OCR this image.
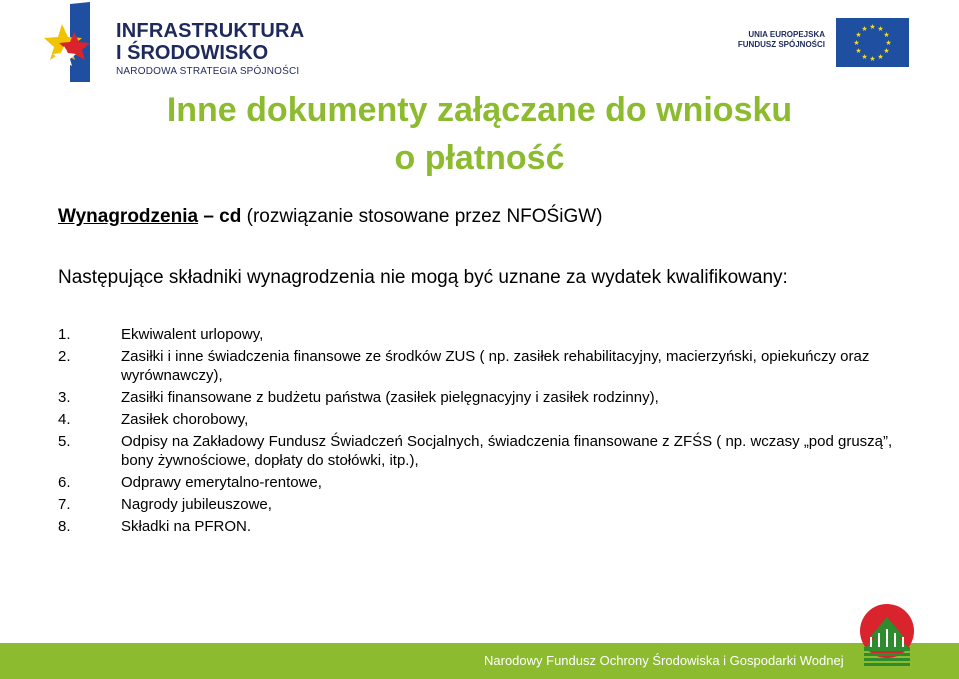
INFRASTRUKTURA
I ŚRODOWISKO
NARODOWA STRATEGIA SPÓJNOŚCI
UNIA EUROPEJSKA
FUNDUSZ SPÓJNOŚCI
★ ★
★
★
★
★
★
★
★
★
★
★
Inne dokumenty załączane do wniosku
o płatność
Wynagrodzenia – cd (rozwiązanie stosowane przez NFOŚiGW)
Następujące składniki wynagrodzenia nie mogą być uznane za wydatek kwalifikowany:
1.	Ekwiwalent urlopowy,
2.	Zasiłki i inne świadczenia finansowe ze środków ZUS ( np. zasiłek rehabilitacyjny, macierzyński, opiekuńczy oraz wyrównawczy),
3.	Zasiłki finansowane z budżetu państwa (zasiłek pielęgnacyjny i zasiłek rodzinny),
4.	Zasiłek chorobowy,
5.	Odpisy na Zakładowy Fundusz Świadczeń Socjalnych, świadczenia finansowane z ZFŚS ( np. wczasy „pod gruszą”, bony żywnościowe, dopłaty do stołówki, itp.),
6.	Odprawy emerytalno-rentowe,
7.	Nagrody jubileuszowe,
8.	Składki na PFRON.
Narodowy Fundusz Ochrony Środowiska i Gospodarki Wodnej
